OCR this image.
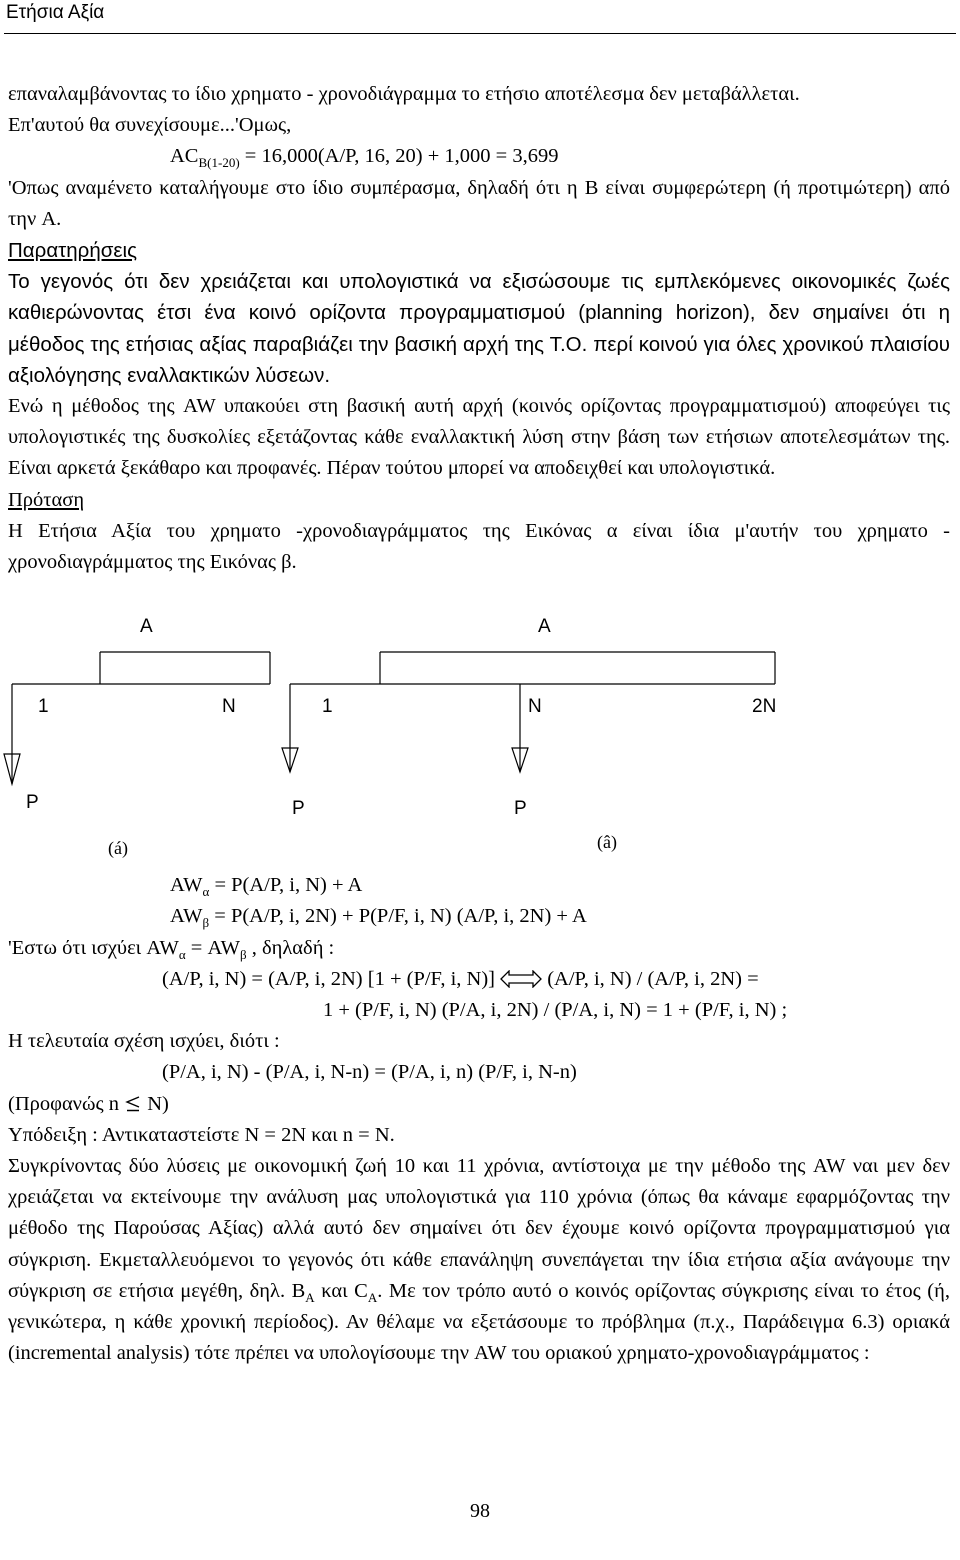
Ετήσια Αξία

επαναλαμβάνοντας το ίδιο χρηματο - χρονοδιάγραμμα το ετήσιο αποτέλεσμα δεν μεταβάλλεται.

Επ'αυτού θα συνεχίσουμε...'Ομως,

$AC_{B(1-20)} = 16,000(A/P$, 16, 20) + 1,000 = 3,699

'Οπως αναμένετο καταλήγουμε στο ίδιο συμπέρασμα, δηλαδή ότι η B είναι συμφερώτερη (ή προτιμώτερη) από την A.

Παρατηρήσεις

Το γεγονός ότι δεν χρειάζεται και υπολογιστικά να εξισώσουμε τις εμπλεκόμενες οικονομικές ζωές καθιερώνοντας έτσι ένα κοινό ορίζοντα προγραμματισμού (planning horizon), δεν σημαίνει ότι η μέθοδος της ετήσιας αξίας παραβιάζει την βασική αρχή της Τ.Ο. περί κοινού για όλες χρονικού πλαισίου αξιολόγησης εναλλακτικών λύσεων.

Ενώ η μέθοδος της AW υπακούει στη βασική αυτή αρχή (κοινός ορίζοντας προγραμματισμού) αποφεύγει τις υπολογιστικές της δυσκολίες εξετάζοντας κάθε εναλλακτική λύση στην βάση των ετήσιων αποτελεσμάτων της. Είναι αρκετά ξεκάθαρο και προφανές. Πέραν τούτου μπορεί να αποδειχθεί και υπολογιστικά.

Πρόταση

Η Ετήσια Αξία του χρηματο -χρονοδιαγράμματος της Εικόνας α είναι ίδια μ'αυτήν του χρηματο - χρονοδιαγράμματος της Εικόνας β.

$AW_\alpha = P(A/P$, i, N) + A

$AW_\beta = P(A/P$, i, 2N) + P(P/F, i, N) (A/P, i, 2N) + A

'Εστω ότι ισχύει $AW_\alpha = AW_\beta$ , δηλαδή :

(A/P, i, N) = (A/P, i, 2N) [1 + (P/F, i, N)]	(A/P, i, N) / (A/P, i, 2N) =

1 + (P/F, i, N) (P/A, i, 2N) / (P/A, i, N) = 1 + (P/F, i, N) ;

Η τελευταία σχέση ισχύει, διότι :

(P/A, i, N) - (P/A, i, N-n) = (P/A, i, n) (P/F, i, N-n)

(Προφανώς n  N)

Υπόδειξη : Αντικαταστείστε N = 2N και n = N.

Συγκρίνοντας δύο λύσεις με οικονομική ζωή 10 και 11 χρόνια, αντίστοιχα με την μέθοδο της AW ναι μεν δεν χρειάζεται να εκτείνουμε την ανάλυση μας υπολογιστικά για 110 χρόνια (όπως θα κάναμε εφαρμόζοντας την μέθοδο της Παρούσας Αξίας) αλλά αυτό δεν σημαίνει ότι δεν έχουμε κοινό ορίζοντα προγραμματισμού για σύγκριση. Εκμεταλλευόμενοι το γεγονός ότι κάθε επανάληψη συνεπάγεται την ίδια ετήσια αξία ανάγουμε την σύγκριση σε ετήσια μεγέθη, δηλ. $B_A$ και $C_A$. Με τον τρόπο αυτό ο κοινός ορίζοντας σύγκρισης είναι το έτος (ή, γενικώτερα, η κάθε χρονική περίοδος). Αν θέλαμε να εξετάσουμε το πρόβλημα (π.χ., Παράδειγμα 6.3) οριακά (incremental analysis) τότε πρέπει να υπολογίσουμε την AW του οριακού χρηματο-χρονοδιαγράμματος :

A	A
1	N	1	N	2N
P	P	P
(á)	(â)
98
